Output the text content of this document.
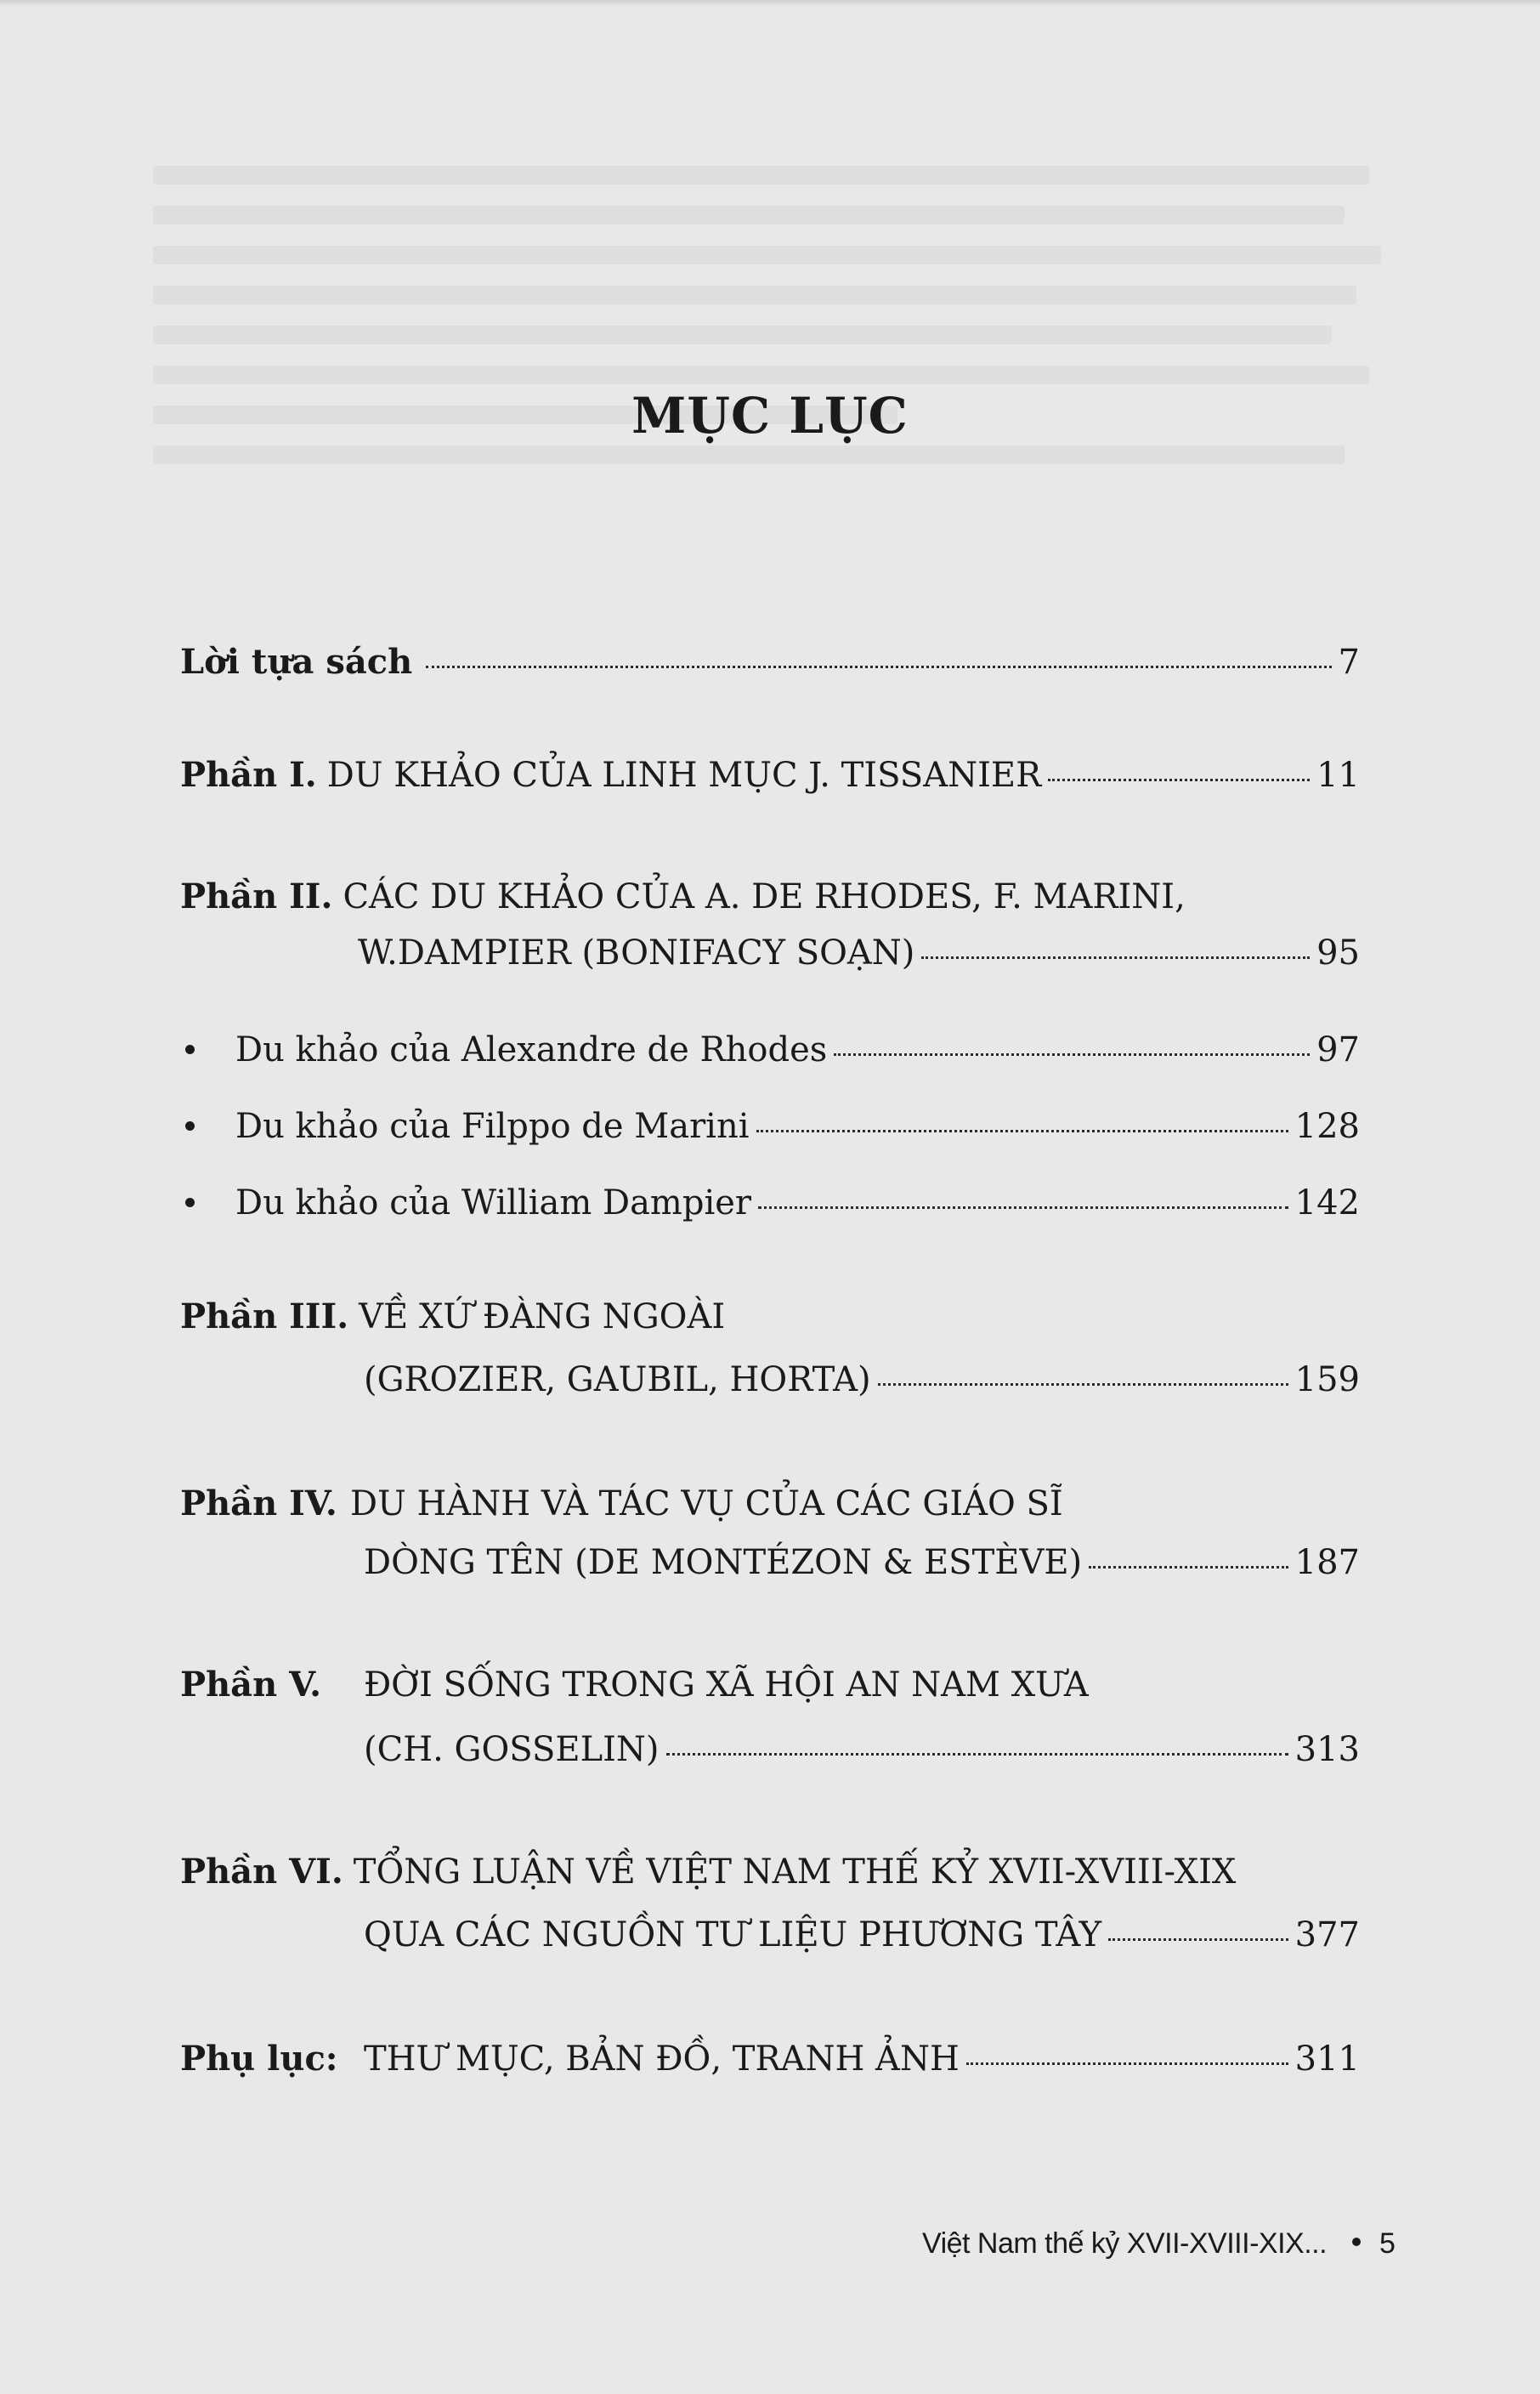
MỤC LỤC
Lời tựa sách	7
Phần I. DU KHẢO CỦA LINH MỤC J. TISSANIER	11
Phần II. CÁC DU KHẢO CỦA A. DE RHODES, F. MARINI,
W.DAMPIER (BONIFACY SOẠN)	95
Du khảo của Alexandre de Rhodes	97
Du khảo của Filppo de Marini	128
Du khảo của William Dampier	142
Phần III. VỀ XỨ ĐÀNG NGOÀI
(GROZIER, GAUBIL, HORTA)	159
Phần IV. DU HÀNH VÀ TÁC VỤ CỦA CÁC GIÁO SĨ
DÒNG TÊN (DE MONTÉZON & ESTÈVE)	187
Phần V.	ĐỜI SỐNG TRONG XÃ HỘI AN NAM XƯA
(CH. GOSSELIN)	313
Phần VI. TỔNG LUẬN VỀ VIỆT NAM THẾ KỶ XVII-XVIII-XIX
QUA CÁC NGUỒN TƯ LIỆU PHƯƠNG TÂY	377
Phụ lục: THƯ MỤC, BẢN ĐỒ, TRANH ẢNH	311
Việt Nam thế kỷ XVII-XVIII-XIX... 5
